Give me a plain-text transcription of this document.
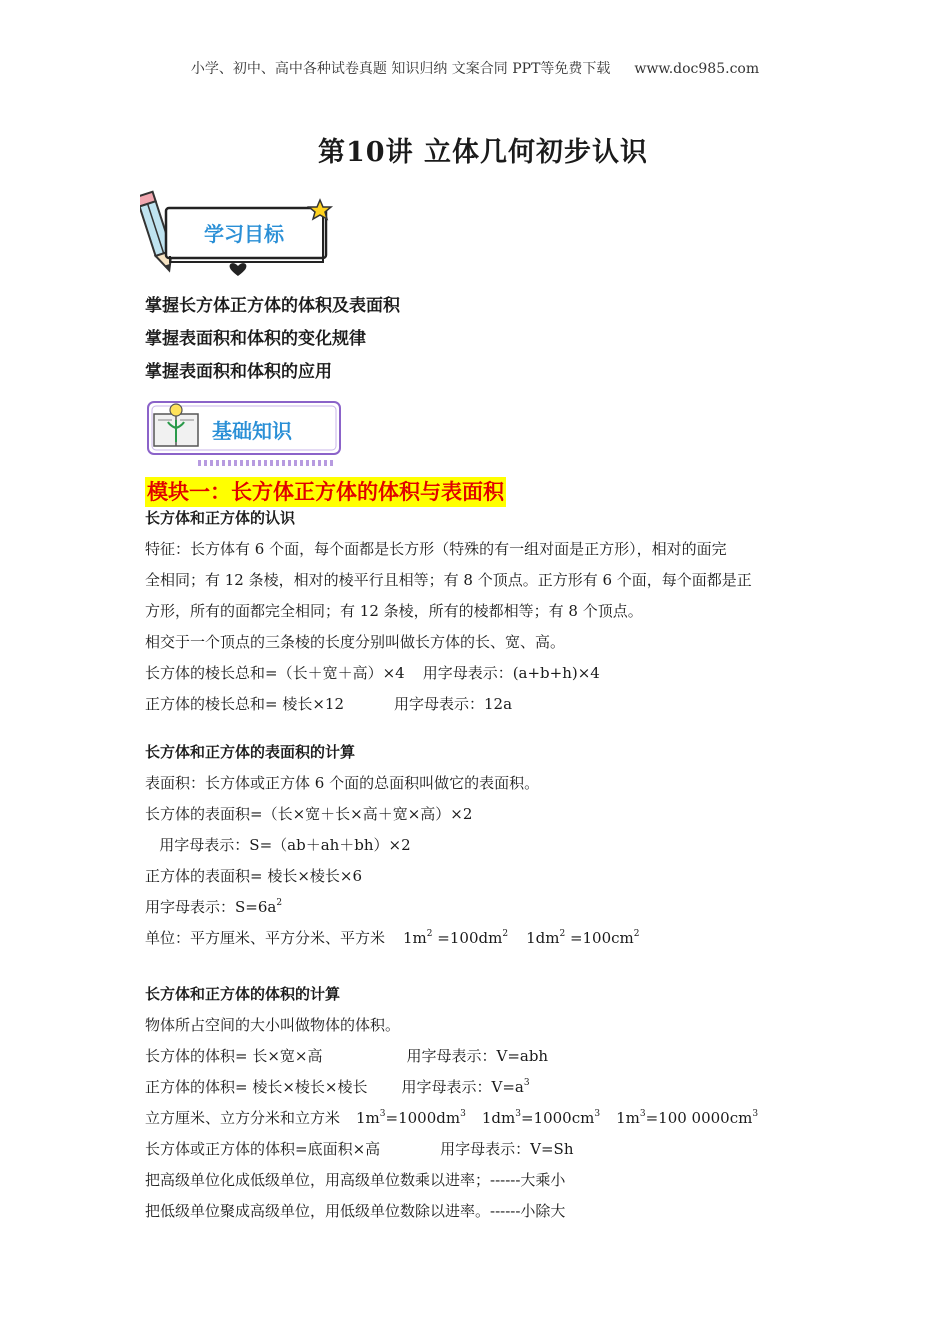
小学、初中、高中各种试卷真题 知识归纳 文案合同 PPT等免费下载 www.doc985.com
第10讲 立体几何初步认识
学习目标
掌握长方体正方体的体积及表面积
掌握表面积和体积的变化规律
掌握表面积和体积的应用
基础知识
模块一：长方体正方体的体积与表面积
长方体和正方体的认识
特征：长方体有 6 个面，每个面都是长方形（特殊的有一组对面是正方形），相对的面完
全相同；有 12 条棱，相对的棱平行且相等；有 8 个顶点。正方形有 6 个面，每个面都是正
方形，所有的面都完全相同；有 12 条棱，所有的棱都相等；有 8 个顶点。
相交于一个顶点的三条棱的长度分别叫做长方体的长、宽、高。
长方体的棱长总和=（长＋宽＋高）×4 用字母表示：(a+b+h)×4
正方体的棱长总和= 棱长×12	用字母表示：12a
长方体和正方体的表面积的计算
表面积：长方体或正方体 6 个面的总面积叫做它的表面积。
长方体的表面积=（长×宽＋长×高＋宽×高）×2
用字母表示：S=（ab＋ah＋bh）×2
正方体的表面积= 棱长×棱长×6
用字母表示：$S=6a^2$
单位：平方厘米、平方分米、平方米 $1m^2 =100dm^2$ $1dm^2 =100cm^2$
长方体和正方体的体积的计算
物体所占空间的大小叫做物体的体积。
长方体的体积= 长×宽×高	用字母表示：V=abh
正方体的体积= 棱长×棱长×棱长 用字母表示：$V=a^3$
立方厘米、立方分米和立方米 $1m^3=1000dm^3$ $1dm^3=1000cm^3$ $1m^3=100$ $0000cm^3$
长方体或正方体的体积=底面积×高	用字母表示：V=Sh
把高级单位化成低级单位，用高级单位数乘以进率；------大乘小
把低级单位聚成高级单位，用低级单位数除以进率。------小除大
